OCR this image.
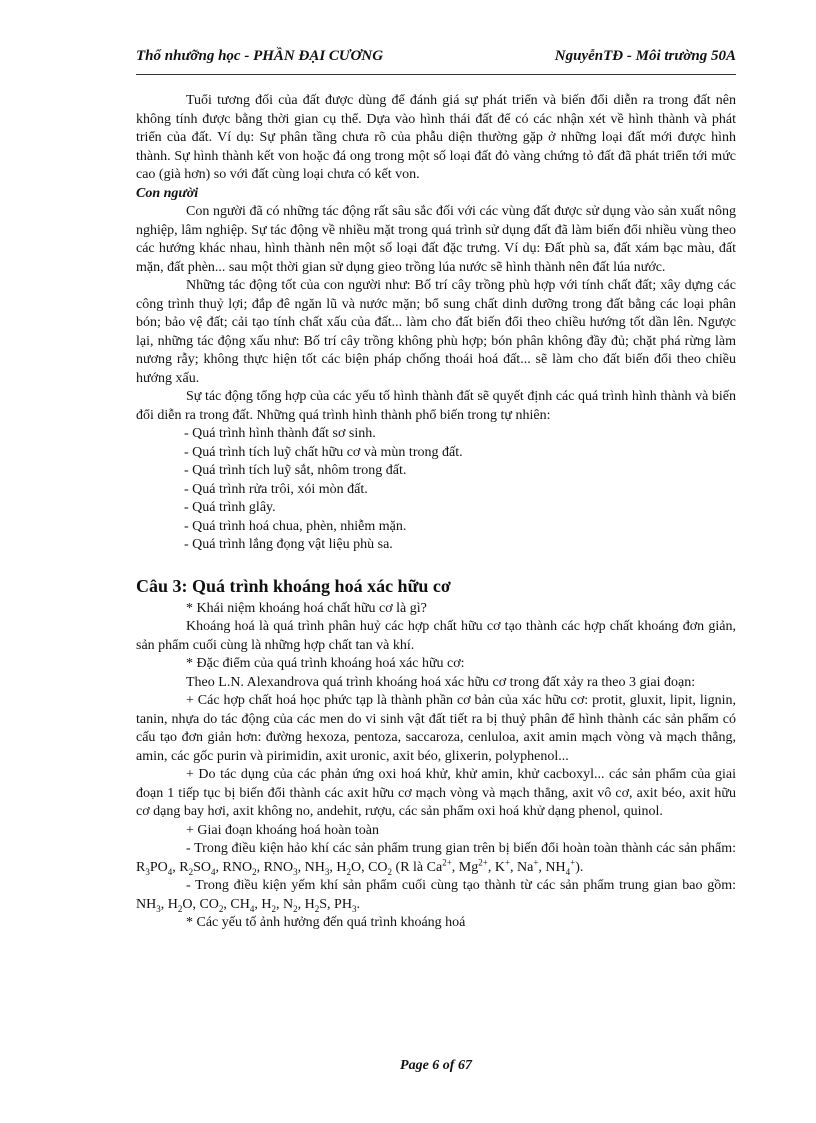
Thổ nhưỡng học - PHẦN ĐẠI CƯƠNG	NguyễnTĐ - Môi trường 50A

Tuổi tương đối của đất được dùng để đánh giá sự phát triển và biến đổi diễn ra trong đất nên không tính được bằng thời gian cụ thể. Dựa vào hình thái đất để có các nhận xét về hình thành và phát triển của đất. Ví dụ: Sự phân tầng chưa rõ của phẫu diện thường gặp ở những loại đất mới được hình thành. Sự hình thành kết von hoặc đá ong trong một số loại đất đỏ vàng chứng tỏ đất đã phát triển tới mức cao (già hơn) so với đất cùng loại chưa có kết von.

Con người

Con người đã có những tác động rất sâu sắc đối với các vùng đất được sử dụng vào sản xuất nông nghiệp, lâm nghiệp. Sự tác động về nhiều mặt trong quá trình sử dụng đất đã làm biến đổi nhiều vùng theo các hướng khác nhau, hình thành nên một số loại đất đặc trưng. Ví dụ: Đất phù sa, đất xám bạc màu, đất mặn, đất phèn... sau một thời gian sử dụng gieo trồng lúa nước sẽ hình thành nên đất lúa nước.

Những tác động tốt của con người như: Bố trí cây trồng phù hợp với tính chất đất; xây dựng các công trình thuỷ lợi; đắp đê ngăn lũ và nước mặn; bổ sung chất dinh dưỡng trong đất bằng các loại phân bón; bảo vệ đất; cải tạo tính chất xấu của đất... làm cho đất biến đổi theo chiều hướng tốt dần lên. Ngược lại, những tác động xấu như: Bố trí cây trồng không phù hợp; bón phân không đầy đủ; chặt phá rừng làm nương rẫy; không thực hiện tốt các biện pháp chống thoái hoá đất... sẽ làm cho đất biến đổi theo chiều hướng xấu.

Sự tác động tổng hợp của các yếu tố hình thành đất sẽ quyết định các quá trình hình thành và biến đổi diễn ra trong đất. Những quá trình hình thành phổ biến trong tự nhiên:

- Quá trình hình thành đất sơ sinh.

- Quá trình tích luỹ chất hữu cơ và mùn trong đất.

- Quá trình tích luỹ sắt, nhôm trong đất.

- Quá trình rửa trôi, xói mòn đất.

- Quá trình glây.

- Quá trình hoá chua, phèn, nhiễm mặn.

- Quá trình lắng đọng vật liệu phù sa.

Câu 3: Quá trình khoáng hoá xác hữu cơ

* Khái niệm khoáng hoá chất hữu cơ là gì?

Khoáng hoá là quá trình phân huỷ các hợp chất hữu cơ tạo thành các hợp chất khoáng đơn giản, sản phẩm cuối cùng là những hợp chất tan và khí.

* Đặc điểm của quá trình khoáng hoá xác hữu cơ:

Theo L.N. Alexandrova quá trình khoáng hoá xác hữu cơ trong đất xảy ra theo 3 giai đoạn:

+ Các hợp chất hoá học phức tạp là thành phần cơ bản của xác hữu cơ: protit, gluxit, lipit, lignin, tanin, nhựa do tác động của các men do vi sinh vật đất tiết ra bị thuỷ phân để hình thành các sản phẩm có cấu tạo đơn giản hơn: đường hexoza, pentoza, saccaroza, cenluloa, axit amin mạch vòng và mạch thẳng, amin, các gốc purin và pirimidin, axit uronic, axit béo, glixerin, polyphenol...

+ Do tác dụng của các phản ứng oxi hoá khử, khử amin, khử cacboxyl... các sản phẩm của giai đoạn 1 tiếp tục bị biến đổi thành các axit hữu cơ mạch vòng và mạch thẳng, axit vô cơ, axit béo, axit hữu cơ dạng bay hơi, axit không no, andehit, rượu, các sản phẩm oxi hoá khử dạng phenol, quinol.

+ Giai đoạn khoáng hoá hoàn toàn

- Trong điều kiện hảo khí các sản phẩm trung gian trên bị biến đổi hoàn toàn thành các sản phẩm: $R_3PO_4$, $R_2SO_4$, $RNO_2$, $RNO_3$, $NH_3$, $H_2O$, $CO_2$ (R là $Ca^{2+}$, $Mg^{2+}$, K+, Na+, $NH_4^+$).

- Trong điều kiện yếm khí sản phẩm cuối cùng tạo thành từ các sản phẩm trung gian bao gồm: $NH_3$, $H_2O$, $CO_2$, $CH_4$, $H_2$, $N_2$, $H_2S$, $PH_3$.

* Các yếu tố ảnh hưởng đến quá trình khoáng hoá

Page 6 of 67
